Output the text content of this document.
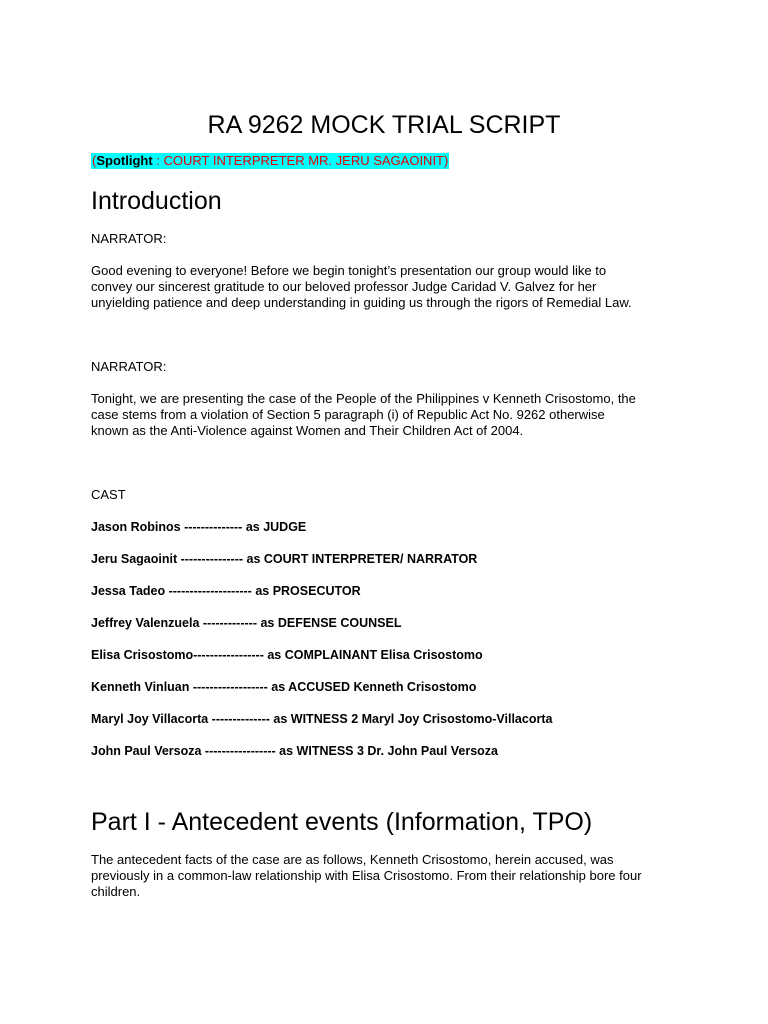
RA 9262 MOCK TRIAL SCRIPT
(Spotlight : COURT INTERPRETER MR. JERU SAGAOINIT)
Introduction
NARRATOR:
Good evening to everyone! Before we begin tonight’s presentation our group would like to
convey our sincerest gratitude to our beloved professor Judge Caridad V. Galvez for her
unyielding patience and deep understanding in guiding us through the rigors of Remedial Law.
NARRATOR:
Tonight, we are presenting the case of the People of the Philippines v Kenneth Crisostomo, the
case stems from a violation of Section 5 paragraph (i) of Republic Act No. 9262 otherwise
known as the Anti-Violence against Women and Their Children Act of 2004.
CAST
Jason Robinos -------------- as JUDGE
Jeru Sagaoinit --------------- as COURT INTERPRETER/ NARRATOR
Jessa Tadeo -------------------- as PROSECUTOR
Jeffrey Valenzuela ------------- as DEFENSE COUNSEL
Elisa Crisostomo----------------- as COMPLAINANT Elisa Crisostomo
Kenneth Vinluan ------------------ as ACCUSED Kenneth Crisostomo
Maryl Joy Villacorta -------------- as WITNESS 2 Maryl Joy Crisostomo-Villacorta
John Paul Versoza ----------------- as WITNESS 3 Dr. John Paul Versoza
Part I - Antecedent events (Information, TPO)
The antecedent facts of the case are as follows, Kenneth Crisostomo, herein accused, was
previously in a common-law relationship with Elisa Crisostomo. From their relationship bore four
children.
